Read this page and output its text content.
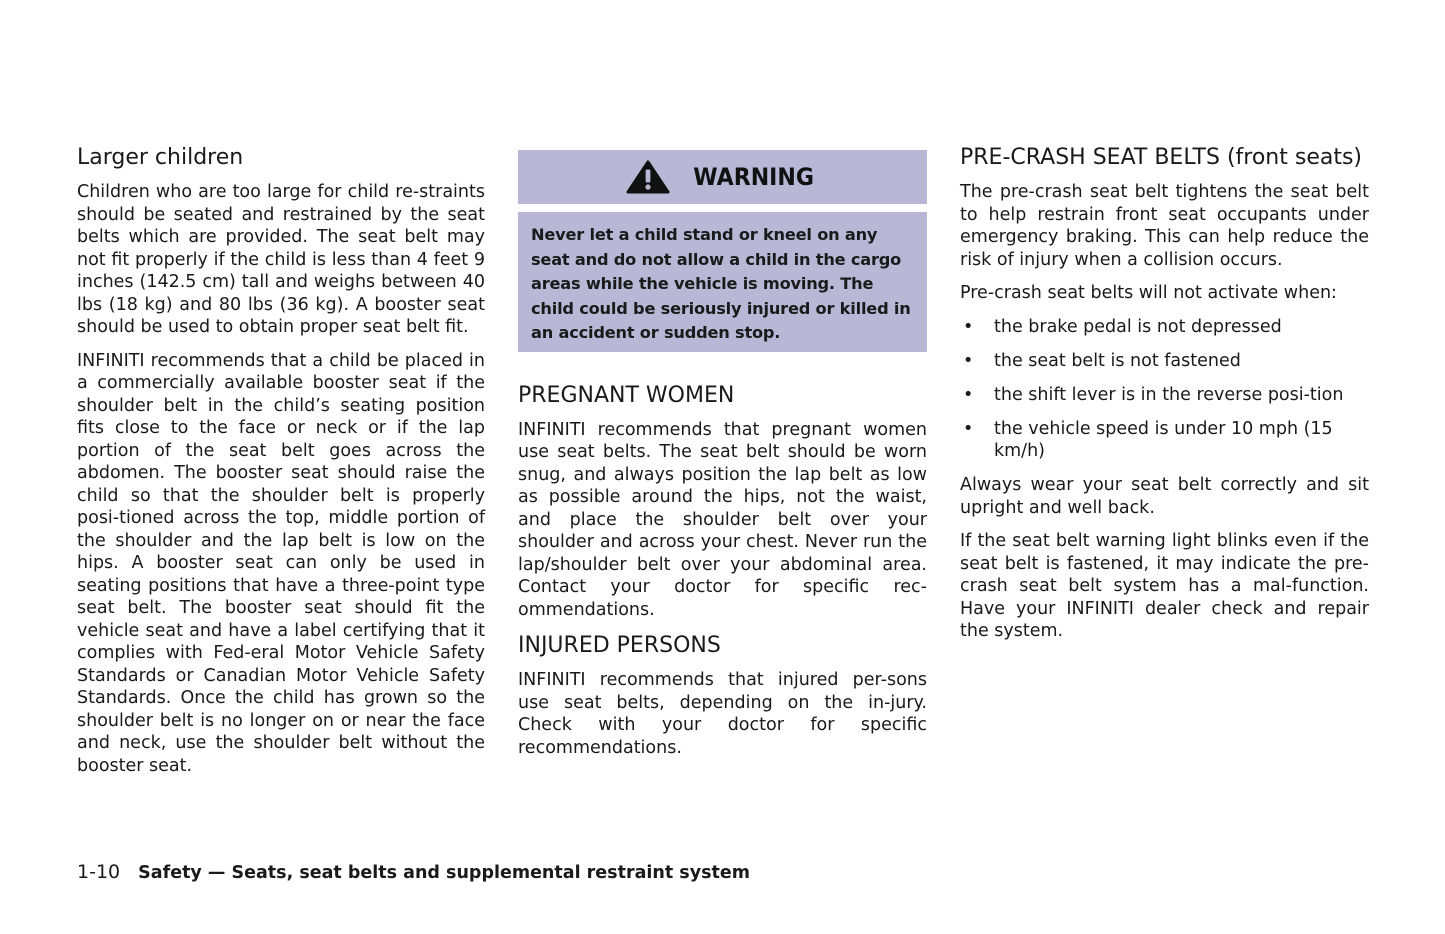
Larger children

Children who are too large for child re-straints should be seated and restrained by the seat belts which are provided. The seat belt may not fit properly if the child is less than 4 feet 9 inches (142.5 cm) tall and weighs between 40 lbs (18 kg) and 80 lbs (36 kg). A booster seat should be used to obtain proper seat belt fit.

INFINITI recommends that a child be placed in a commercially available booster seat if the shoulder belt in the child’s seating position fits close to the face or neck or if the lap portion of the seat belt goes across the abdomen. The booster seat should raise the child so that the shoulder belt is properly posi-tioned across the top, middle portion of the shoulder and the lap belt is low on the hips. A booster seat can only be used in seating positions that have a three-point type seat belt. The booster seat should fit the vehicle seat and have a label certifying that it complies with Fed-eral Motor Vehicle Safety Standards or Canadian Motor Vehicle Safety Standards. Once the child has grown so the shoulder belt is no longer on or near the face and neck, use the shoulder belt without the booster seat.

WARNING

Never let a child stand or kneel on any seat and do not allow a child in the cargo areas while the vehicle is moving. The child could be seriously injured or killed in an accident or sudden stop.

PREGNANT WOMEN

INFINITI recommends that pregnant women use seat belts. The seat belt should be worn snug, and always position the lap belt as low as possible around the hips, not the waist, and place the shoulder belt over your shoulder and across your chest. Never run the lap/shoulder belt over your abdominal area. Contact your doctor for specific rec-ommendations.

INJURED PERSONS

INFINITI recommends that injured per-sons use seat belts, depending on the in-jury. Check with your doctor for specific recommendations.

PRE-CRASH SEAT BELTS (front seats)

The pre-crash seat belt tightens the seat belt to help restrain front seat occupants under emergency braking. This can help reduce the risk of injury when a collision occurs.

Pre-crash seat belts will not activate when:

• the brake pedal is not depressed
• the seat belt is not fastened
• the shift lever is in the reverse posi-tion
• the vehicle speed is under 10 mph (15 km/h)

Always wear your seat belt correctly and sit upright and well back.

If the seat belt warning light blinks even if the seat belt is fastened, it may indicate the pre-crash seat belt system has a mal-function. Have your INFINITI dealer check and repair the system.

1-10 Safety — Seats, seat belts and supplemental restraint system
